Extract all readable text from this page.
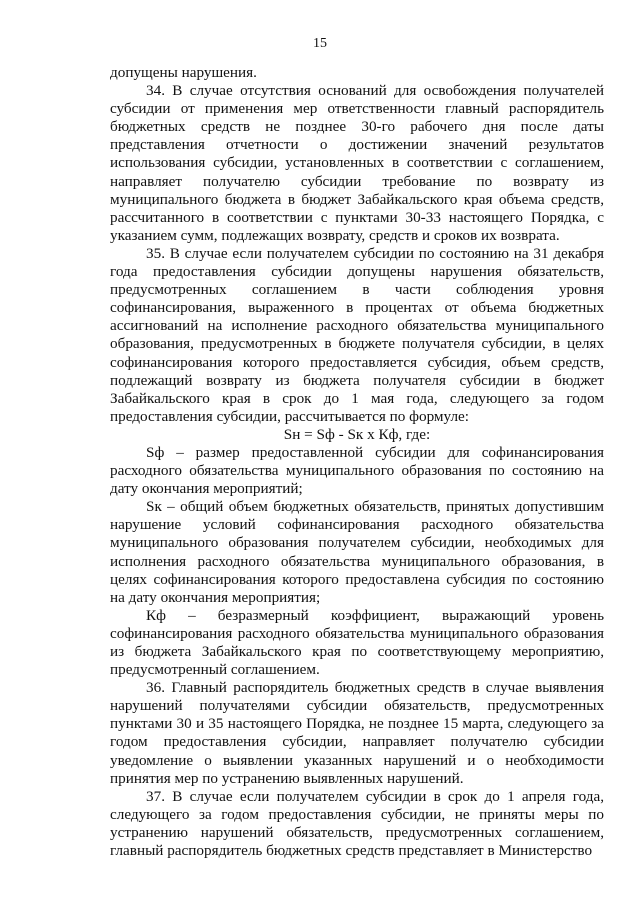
15

допущены нарушения.

34. В случае отсутствия оснований для освобождения получателей субсидии от применения мер ответственности главный распорядитель бюджетных средств не позднее 30-го рабочего дня после даты представления отчетности о достижении значений результатов использования субсидии, установленных в соответствии с соглашением, направляет получателю субсидии требование по возврату из муниципального бюджета в бюджет Забайкальского края объема средств, рассчитанного в соответствии с пунктами 30-33 настоящего Порядка, с указанием сумм, подлежащих возврату, средств и сроков их возврата.

35. В случае если получателем субсидии по состоянию на 31 декабря года предоставления субсидии допущены нарушения обязательств, предусмотренных соглашением в части соблюдения уровня софинансирования, выраженного в процентах от объема бюджетных ассигнований на исполнение расходного обязательства муниципального образования, предусмотренных в бюджете получателя субсидии, в целях софинансирования которого предоставляется субсидия, объем средств, подлежащий возврату из бюджета получателя субсидии в бюджет Забайкальского края в срок до 1 мая года, следующего за годом предоставления субсидии, рассчитывается по формуле:

Sн = Sф - Sк x Кф, где:

Sф – размер предоставленной субсидии для софинансирования расходного обязательства муниципального образования по состоянию на дату окончания мероприятий;

Sк – общий объем бюджетных обязательств, принятых допустившим нарушение условий софинансирования расходного обязательства муниципального образования получателем субсидии, необходимых для исполнения расходного обязательства муниципального образования, в целях софинансирования которого предоставлена субсидия по состоянию на дату окончания мероприятия;

Кф – безразмерный коэффициент, выражающий уровень софинансирования расходного обязательства муниципального образования из бюджета Забайкальского края по соответствующему мероприятию, предусмотренный соглашением.

36. Главный распорядитель бюджетных средств в случае выявления нарушений получателями субсидии обязательств, предусмотренных пунктами 30 и 35 настоящего Порядка, не позднее 15 марта, следующего за годом предоставления субсидии, направляет получателю субсидии уведомление о выявлении указанных нарушений и о необходимости принятия мер по устранению выявленных нарушений.

37. В случае если получателем субсидии в срок до 1 апреля года, следующего за годом предоставления субсидии, не приняты меры по устранению нарушений обязательств, предусмотренных соглашением, главный распорядитель бюджетных средств представляет в Министерство
